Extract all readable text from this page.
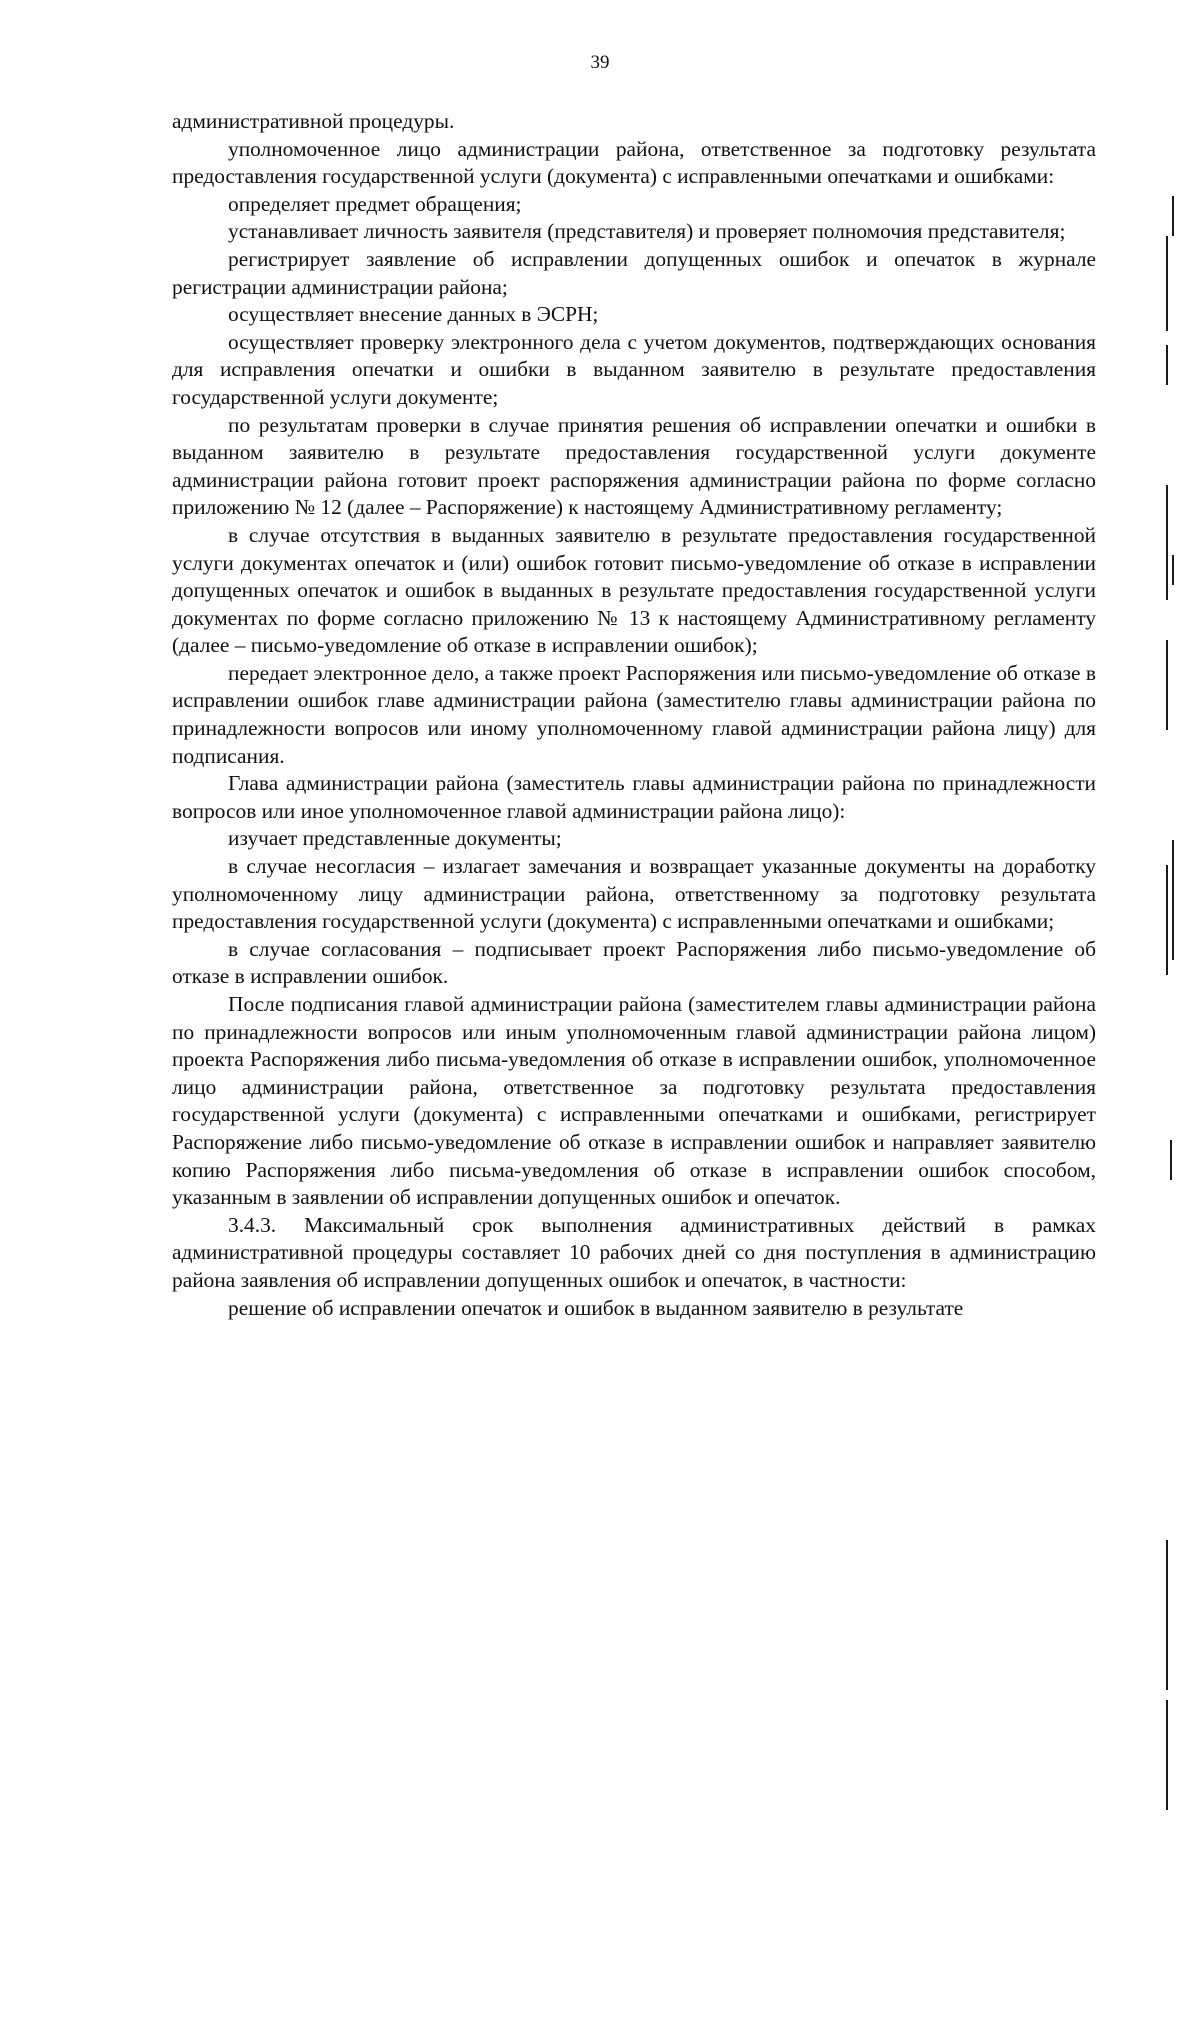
39

административной процедуры.

уполномоченное лицо администрации района, ответственное за подготовку результата предоставления государственной услуги (документа) с исправленными опечатками и ошибками:

определяет предмет обращения;

устанавливает личность заявителя (представителя) и проверяет полномочия представителя;

регистрирует заявление об исправлении допущенных ошибок и опечаток в журнале регистрации администрации района;

осуществляет внесение данных в ЭСРН;

осуществляет проверку электронного дела с учетом документов, подтверждающих основания для исправления опечатки и ошибки в выданном заявителю в результате предоставления государственной услуги документе;

по результатам проверки в случае принятия решения об исправлении опечатки и ошибки в выданном заявителю в результате предоставления государственной услуги документе администрации района готовит проект распоряжения администрации района по форме согласно приложению № 12 (далее – Распоряжение) к настоящему Административному регламенту;

в случае отсутствия в выданных заявителю в результате предоставления государственной услуги документах опечаток и (или) ошибок готовит письмо-уведомление об отказе в исправлении допущенных опечаток и ошибок в выданных в результате предоставления государственной услуги документах по форме согласно приложению № 13 к настоящему Административному регламенту (далее – письмо-уведомление об отказе в исправлении ошибок);

передает электронное дело, а также проект Распоряжения или письмо-уведомление об отказе в исправлении ошибок главе администрации района (заместителю главы администрации района по принадлежности вопросов или иному уполномоченному главой администрации района лицу) для подписания.

Глава администрации района (заместитель главы администрации района по принадлежности вопросов или иное уполномоченное главой администрации района лицо):

изучает представленные документы;

в случае несогласия – излагает замечания и возвращает указанные документы на доработку уполномоченному лицу администрации района, ответственному за подготовку результата предоставления государственной услуги (документа) с исправленными опечатками и ошибками;

в случае согласования – подписывает проект Распоряжения либо письмо-уведомление об отказе в исправлении ошибок.

После подписания главой администрации района (заместителем главы администрации района по принадлежности вопросов или иным уполномоченным главой администрации района лицом) проекта Распоряжения либо письма-уведомления об отказе в исправлении ошибок, уполномоченное лицо администрации района, ответственное за подготовку результата предоставления государственной услуги (документа) с исправленными опечатками и ошибками, регистрирует Распоряжение либо письмо-уведомление об отказе в исправлении ошибок и направляет заявителю копию Распоряжения либо письма-уведомления об отказе в исправлении ошибок способом, указанным в заявлении об исправлении допущенных ошибок и опечаток.

3.4.3. Максимальный срок выполнения административных действий в рамках административной процедуры составляет 10 рабочих дней со дня поступления в администрацию района заявления об исправлении допущенных ошибок и опечаток, в частности:

решение об исправлении опечаток и ошибок в выданном заявителю в результате
